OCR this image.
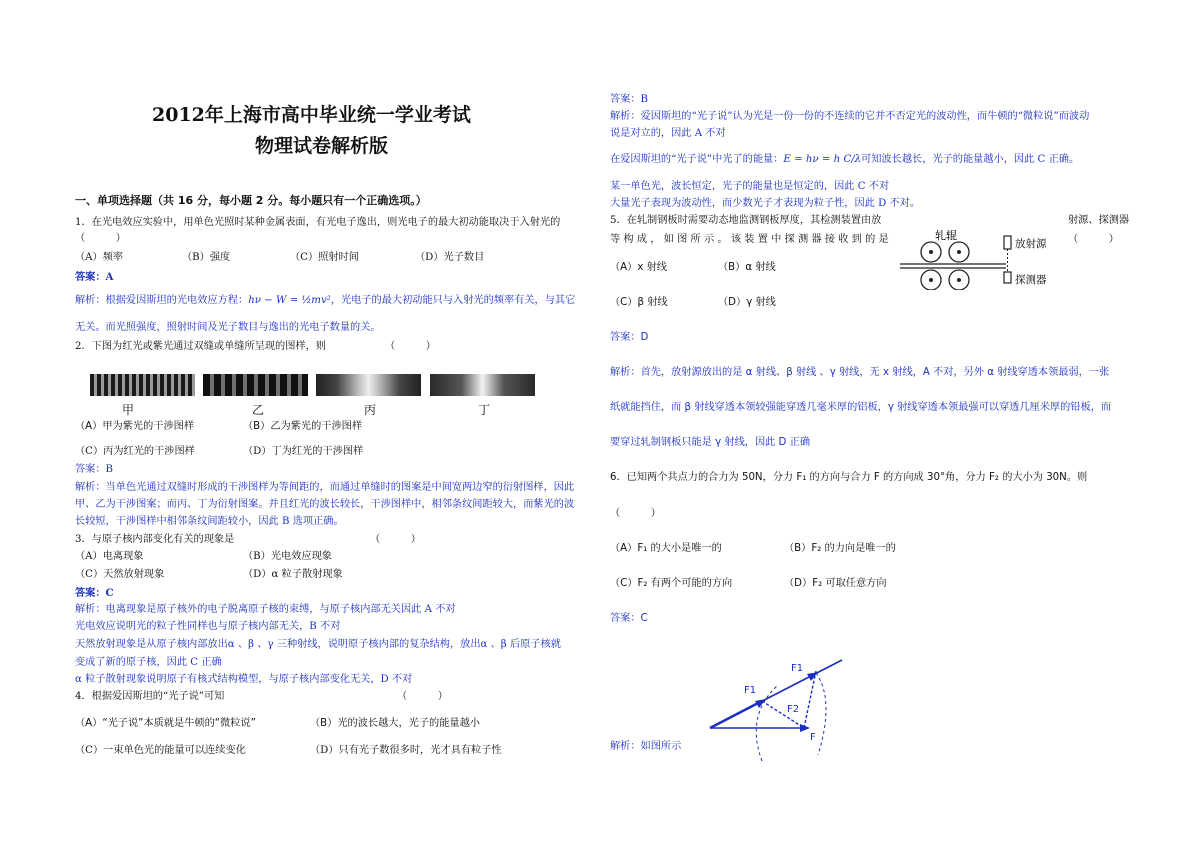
2012年上海市高中毕业统一学业考试
物理试卷解析版
一、单项选择题（共 16 分，每小题 2 分。每小题只有一个正确选项。）
1．在光电效应实验中，用单色光照时某种金属表面，有光电子逸出，则光电子的最大初动能取决于入射光的
（　　　）
（A）频率	（B）强度	（C）照射时间	（D）光子数目
答案：A
解析：根据爱因斯坦的光电效应方程：hν − W = ½mv²，光电子的最大初动能只与入射光的频率有关，与其它
无关。而光照强度，照射时间及光子数目与逸出的光电子数量的关。
2．下图为红光或紫光通过双缝或单缝所呈现的图样，则	（　　　）
甲	乙	丙	丁
（A）甲为紫光的干涉图样	（B）乙为紫光的干涉图样
（C）丙为红光的干涉图样	（D）丁为红光的干涉图样
答案：B
解析：当单色光通过双缝时形成的干涉图样为等间距的，而通过单缝时的图案是中间宽两边窄的衍射图样，因此
甲、乙为干涉图案；而丙、丁为衍射图案。并且红光的波长较长，干涉图样中，相邻条纹间距较大，而紫光的波
长较短，干涉图样中相邻条纹间距较小，因此 B 选项正确。
3．与原子核内部变化有关的现象是	（　　　）
（A）电离现象	（B）光电效应现象
（C）天然放射现象	（D）α 粒子散射现象
答案：C
解析：电离现象是原子核外的电子脱离原子核的束缚，与原子核内部无关因此 A 不对
光电效应说明光的粒子性同样也与原子核内部无关，B 不对
天然放射现象是从原子核内部放出α 、β 、γ 三种射线，说明原子核内部的复杂结构，放出α 、β 后原子核就
变成了新的原子核，因此 C 正确
α 粒子散射现象说明原子有核式结构模型，与原子核内部变化无关，D 不对
4．根据爱因斯坦的“光子说”可知	（　　　）
（A）“光子说”本质就是牛顿的“微粒说”	（B）光的波长越大，光子的能量越小
（C）一束单色光的能量可以连续变化	（D）只有光子数很多时，光才具有粒子性
答案：B
解析：爱因斯坦的“光子说”认为光是一份一份的不连续的它并不否定光的波动性，而牛顿的“微粒说”而波动
说是对立的，因此 A 不对
在爱因斯坦的“光子说”中光了的能量：E = hν = h C/λ可知波长越长，光子的能量越小，因此 C 正确。
某一单色光，波长恒定，光子的能量也是恒定的，因此 C 不对
大量光子表现为波动性，而少数光子才表现为粒子性，因此 D 不对。
5．在轧制钢板时需要动态地监测钢板厚度，其检测装置由放	射源、探测器
等 构 成 ， 如 图 所 示 。 该 装 置 中 探 测 器 接 收 到 的 是	（　　　）
轧辊
放射源
探测器
（A）x 射线	（B）α 射线
（C）β 射线	（D）γ 射线
答案：D
解析：首先，放射源放出的是 α 射线、β 射线 、γ 射线，无 x 射线，A 不对，另外 α 射线穿透本领最弱，一张
纸就能挡住，而 β 射线穿透本领较强能穿透几毫米厚的铝板，γ 射线穿透本领最强可以穿透几厘米厚的铅板，而
要穿过轧制钢板只能是 γ 射线，因此 D 正确
6．已知两个共点力的合力为 50N，分力 F₁ 的方向与合力 F 的方向成 30°角，分力 F₂ 的大小为 30N。则
（　　　）
（A）F₁ 的大小是唯一的	（B）F₂ 的力向是唯一的
（C）F₂ 有两个可能的方向	（D）F₂ 可取任意方向
答案：C
F1
F1
F2
F
解析：如图所示
